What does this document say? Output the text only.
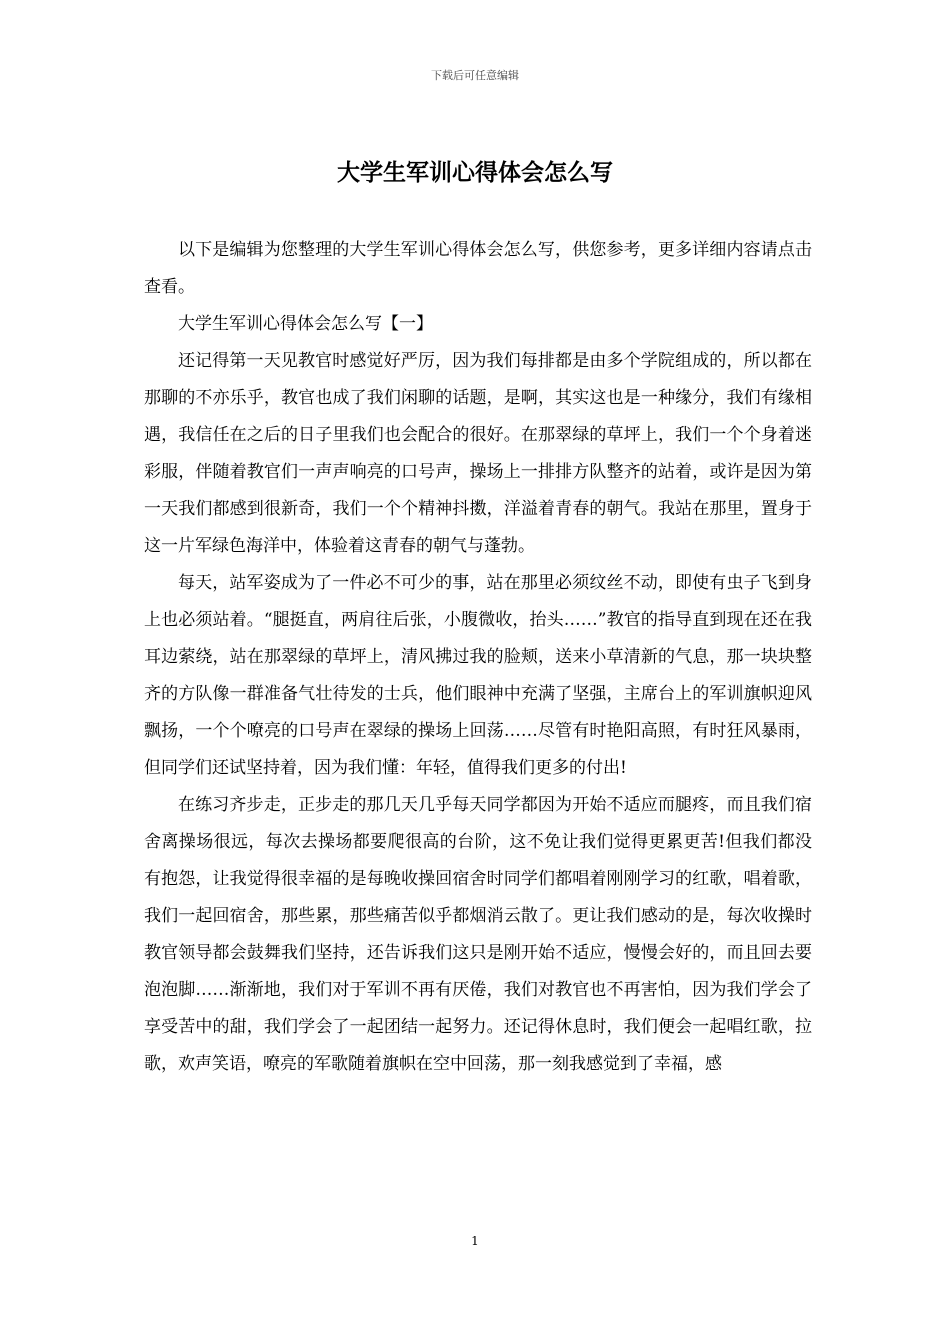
下载后可任意编辑
大学生军训心得体会怎么写

以下是编辑为您整理的大学生军训心得体会怎么写，供您参考，更多详细内容请点击查看。

大学生军训心得体会怎么写【一】

还记得第一天见教官时感觉好严厉，因为我们每排都是由多个学院组成的，所以都在那聊的不亦乐乎，教官也成了我们闲聊的话题，是啊，其实这也是一种缘分，我们有缘相遇，我信任在之后的日子里我们也会配合的很好。在那翠绿的草坪上，我们一个个身着迷彩服，伴随着教官们一声声响亮的口号声，操场上一排排方队整齐的站着，或许是因为第一天我们都感到很新奇，我们一个个精神抖擞，洋溢着青春的朝气。我站在那里，置身于这一片军绿色海洋中，体验着这青春的朝气与蓬勃。

每天，站军姿成为了一件必不可少的事，站在那里必须纹丝不动，即使有虫子飞到身上也必须站着。“腿挺直，两肩往后张，小腹微收，抬头……”教官的指导直到现在还在我耳边萦绕，站在那翠绿的草坪上，清风拂过我的脸颊，送来小草清新的气息，那一块块整齐的方队像一群准备气壮待发的士兵，他们眼神中充满了坚强，主席台上的军训旗帜迎风飘扬，一个个嘹亮的口号声在翠绿的操场上回荡……尽管有时艳阳高照，有时狂风暴雨，但同学们还试坚持着，因为我们懂：年轻，值得我们更多的付出!

在练习齐步走，正步走的那几天几乎每天同学都因为开始不适应而腿疼，而且我们宿舍离操场很远，每次去操场都要爬很高的台阶，这不免让我们觉得更累更苦!但我们都没有抱怨，让我觉得很幸福的是每晚收操回宿舍时同学们都唱着刚刚学习的红歌，唱着歌，我们一起回宿舍，那些累，那些痛苦似乎都烟消云散了。更让我们感动的是，每次收操时教官领导都会鼓舞我们坚持，还告诉我们这只是刚开始不适应，慢慢会好的，而且回去要泡泡脚……渐渐地，我们对于军训不再有厌倦，我们对教官也不再害怕，因为我们学会了享受苦中的甜，我们学会了一起团结一起努力。还记得休息时，我们便会一起唱红歌，拉歌，欢声笑语，嘹亮的军歌随着旗帜在空中回荡，那一刻我感觉到了幸福，感

1
